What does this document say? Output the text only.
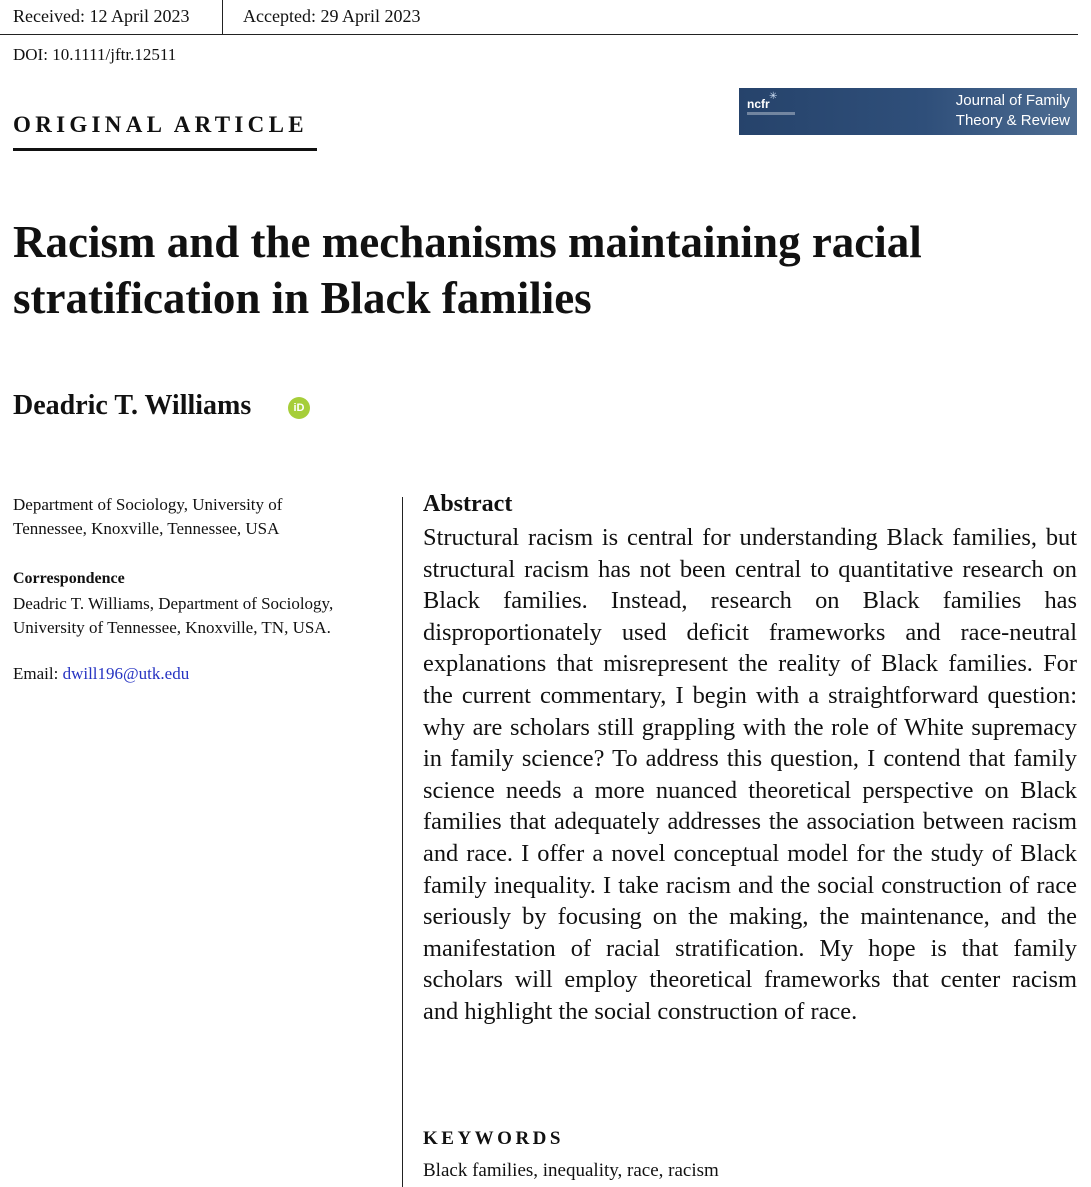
Received: 12 April 2023	Accepted: 29 April 2023
DOI: 10.1111/jftr.12511
ORIGINAL ARTICLE
ncfr
✳	Journal of Family
Theory & Review
Racism and the mechanisms maintaining racial stratification in Black families
Deadric T. Williams	iD
Department of Sociology, University of Tennessee, Knoxville, Tennessee, USA
Correspondence
Deadric T. Williams, Department of Sociology, University of Tennessee, Knoxville, TN, USA.
Email: dwill196@utk.edu
Abstract
Structural racism is central for understanding Black families, but structural racism has not been central to quantitative research on Black families. Instead, research on Black families has disproportionately used deficit frameworks and race-neutral explanations that misrepresent the reality of Black families. For the current commentary, I begin with a straightforward question: why are scholars still grappling with the role of White supremacy in family science? To address this question, I contend that family science needs a more nuanced theoretical perspective on Black families that adequately addresses the association between racism and race. I offer a novel conceptual model for the study of Black family inequality. I take racism and the social construction of race seriously by focusing on the making, the maintenance, and the manifestation of racial stratification. My hope is that family scholars will employ theoretical frameworks that center racism and highlight the social construction of race.
KEYWORDS
Black families, inequality, race, racism
